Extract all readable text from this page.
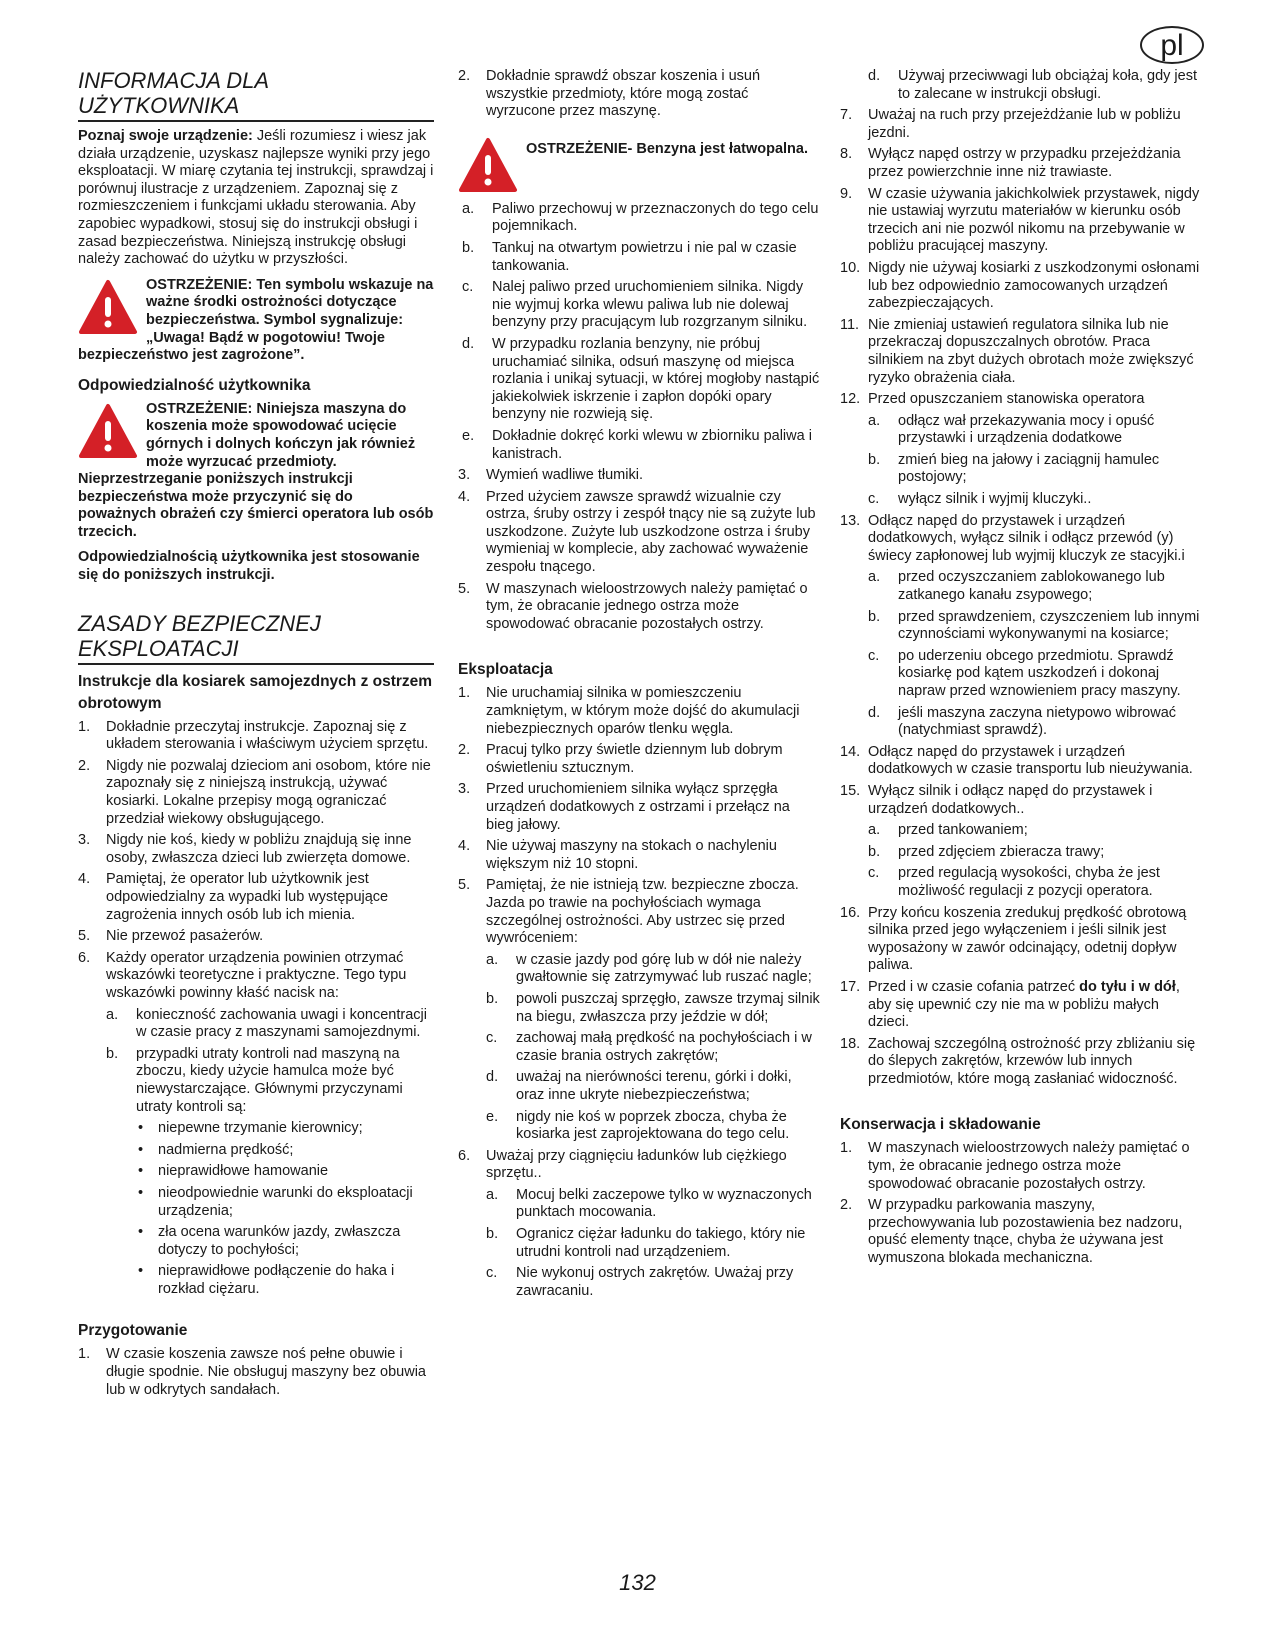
pl
INFORMACJA DLA
UŻYTKOWNIKA

Poznaj swoje urządzenie: Jeśli rozumiesz i wiesz jak działa urządzenie, uzyskasz najlepsze wyniki przy jego eksploatacji. W miarę czytania tej instrukcji, sprawdzaj i porównuj ilustracje z urządzeniem. Zapoznaj się z rozmieszczeniem i funkcjami układu sterowania. Aby zapobiec wypadkowi, stosuj się do instrukcji obsługi i zasad bezpieczeństwa. Niniejszą instrukcję obsługi należy zachować do użytku w przyszłości.

OSTRZEŻENIE: Ten symbolu wskazuje na ważne środki ostrożności dotyczące bezpieczeństwa. Symbol sygnalizuje: „Uwaga! Bądź w pogotowiu! Twoje bezpieczeństwo jest zagrożone”.

Odpowiedzialność użytkownika

OSTRZEŻENIE: Niniejsza maszyna do koszenia może spowodować ucięcie górnych i dolnych kończyn jak również może wyrzucać przedmioty. Nieprzestrzeganie poniższych instrukcji bezpieczeństwa może przyczynić się do poważnych obrażeń czy śmierci operatora lub osób trzecich.

Odpowiedzialnością użytkownika jest stosowanie się do poniższych instrukcji.

ZASADY BEZPIECZNEJ
EKSPLOATACJI
Instrukcje dla kosiarek samojezdnych z ostrzem obrotowym
1.	Dokładnie przeczytaj instrukcje. Zapoznaj się z układem sterowania i właściwym użyciem sprzętu.
2.	Nigdy nie pozwalaj dzieciom ani osobom, które nie zapoznały się z niniejszą instrukcją, używać kosiarki. Lokalne przepisy mogą ograniczać przedział wiekowy obsługującego.
3.	Nigdy nie koś, kiedy w pobliżu znajdują się inne osoby, zwłaszcza dzieci lub zwierzęta domowe.
4.	Pamiętaj, że operator lub użytkownik jest odpowiedzialny za wypadki lub występujące zagrożenia innych osób lub ich mienia.
5.	Nie przewoź pasażerów.
6.	Każdy operator urządzenia powinien otrzymać wskazówki teoretyczne i praktyczne. Tego typu wskazówki powinny kłaść nacisk na:
a.	konieczność zachowania uwagi i koncentracji w czasie pracy z maszynami samojezdnymi.
b.	przypadki utraty kontroli nad maszyną na zboczu, kiedy użycie hamulca może być niewystarczające. Głównymi przyczynami utraty kontroli są:
• niepewne trzymanie kierownicy;
• nadmierna prędkość;
• nieprawidłowe hamowanie
• nieodpowiednie warunki do eksploatacji urządzenia;
• zła ocena warunków jazdy, zwłaszcza dotyczy to pochyłości;
• nieprawidłowe podłączenie do haka i rozkład ciężaru.
Przygotowanie
1.	W czasie koszenia zawsze noś pełne obuwie i długie spodnie. Nie obsługuj maszyny bez obuwia lub w odkrytych sandałach.
2.	Dokładnie sprawdź obszar koszenia i usuń wszystkie przedmioty, które mogą zostać wyrzucone przez maszynę.

OSTRZEŻENIE- Benzyna jest łatwopalna.

a.	Paliwo przechowuj w przeznaczonych do tego celu pojemnikach.
b.	Tankuj na otwartym powietrzu i nie pal w czasie tankowania.
c.	Nalej paliwo przed uruchomieniem silnika. Nigdy nie wyjmuj korka wlewu paliwa lub nie dolewaj benzyny przy pracującym lub rozgrzanym silniku.
d.	W przypadku rozlania benzyny, nie próbuj uruchamiać silnika, odsuń maszynę od miejsca rozlania i unikaj sytuacji, w której mogłoby nastąpić jakiekolwiek iskrzenie i zapłon dopóki opary benzyny nie rozwieją się.
e.	Dokładnie dokręć korki wlewu w zbiorniku paliwa i kanistrach.
3.	Wymień wadliwe tłumiki.
4.	Przed użyciem zawsze sprawdź wizualnie czy ostrza, śruby ostrzy i zespół tnący nie są zużyte lub uszkodzone. Zużyte lub uszkodzone ostrza i śruby wymieniaj w komplecie, aby zachować wyważenie zespołu tnącego.
5.	W maszynach wieloostrzowych należy pamiętać o tym, że obracanie jednego ostrza może spowodować obracanie pozostałych ostrzy.
Eksploatacja
1.	Nie uruchamiaj silnika w pomieszczeniu zamkniętym, w którym może dojść do akumulacji niebezpiecznych oparów tlenku węgla.
2.	Pracuj tylko przy świetle dziennym lub dobrym oświetleniu sztucznym.
3.	Przed uruchomieniem silnika wyłącz sprzęgła urządzeń dodatkowych z ostrzami i przełącz na bieg jałowy.
4.	Nie używaj maszyny na stokach o nachyleniu większym niż 10 stopni.
5.	Pamiętaj, że nie istnieją tzw. bezpieczne zbocza. Jazda po trawie na pochyłościach wymaga szczególnej ostrożności. Aby ustrzec się przed wywróceniem:
a.	w czasie jazdy pod górę lub w dół nie należy gwałtownie się zatrzymywać lub ruszać nagle;
b.	powoli puszczaj sprzęgło, zawsze trzymaj silnik na biegu, zwłaszcza przy jeździe w dół;
c.	zachowaj małą prędkość na pochyłościach i w czasie brania ostrych zakrętów;
d.	uważaj na nierówności terenu, górki i dołki, oraz inne ukryte niebezpieczeństwa;
e.	nigdy nie koś w poprzek zbocza, chyba że kosiarka jest zaprojektowana do tego celu.
6.	Uważaj przy ciągnięciu ładunków lub ciężkiego sprzętu..
a.	Mocuj belki zaczepowe tylko w wyznaczonych punktach mocowania.
b.	Ogranicz ciężar ładunku do takiego, który nie utrudni kontroli nad urządzeniem.
c.	Nie wykonuj ostrych zakrętów. Uważaj przy zawracaniu.
d.	Używaj przeciwwagi lub obciążaj koła, gdy jest to zalecane w instrukcji obsługi.
7.	Uważaj na ruch przy przejeżdżanie lub w pobliżu jezdni.
8.	Wyłącz napęd ostrzy w przypadku przejeżdżania przez powierzchnie inne niż trawiaste.
9.	W czasie używania jakichkolwiek przystawek, nigdy nie ustawiaj wyrzutu materiałów w kierunku osób trzecich ani nie pozwól nikomu na przebywanie w pobliżu pracującej maszyny.
10. Nigdy nie używaj kosiarki z uszkodzonymi osłonami lub bez odpowiednio zamocowanych urządzeń zabezpieczających.
11. Nie zmieniaj ustawień regulatora silnika lub nie przekraczaj dopuszczalnych obrotów. Praca silnikiem na zbyt dużych obrotach może zwiększyć ryzyko obrażenia ciała.
12. Przed opuszczaniem stanowiska operatora
a.	odłącz wał przekazywania mocy i opuść przystawki i urządzenia dodatkowe
b.	zmień bieg na jałowy i zaciągnij hamulec postojowy;
c.	wyłącz silnik i wyjmij kluczyki..
13. Odłącz napęd do przystawek i urządzeń dodatkowych, wyłącz silnik i odłącz przewód (y) świecy zapłonowej lub wyjmij kluczyk ze stacyjki.i
a.	przed oczyszczaniem zablokowanego lub zatkanego kanału zsypowego;
b.	przed sprawdzeniem, czyszczeniem lub innymi czynnościami wykonywanymi na kosiarce;
c.	po uderzeniu obcego przedmiotu. Sprawdź kosiarkę pod kątem uszkodzeń i dokonaj napraw przed wznowieniem pracy maszyny.
d.	jeśli maszyna zaczyna nietypowo wibrować (natychmiast sprawdź).
14. Odłącz napęd do przystawek i urządzeń dodatkowych w czasie transportu lub nieużywania.
15. Wyłącz silnik i odłącz napęd do przystawek i urządzeń dodatkowych..
a.	przed tankowaniem;
b.	przed zdjęciem zbieracza trawy;
c.	przed regulacją wysokości, chyba że jest możliwość regulacji z pozycji operatora.
16. Przy końcu koszenia zredukuj prędkość obrotową silnika przed jego wyłączeniem i jeśli silnik jest wyposażony w zawór odcinający, odetnij dopływ paliwa.
17. Przed i w czasie cofania patrzeć do tyłu i w dół, aby się upewnić czy nie ma w pobliżu małych dzieci.
18. Zachowaj szczególną ostrożność przy zbliżaniu się do ślepych zakrętów, krzewów lub innych przedmiotów, które mogą zasłaniać widoczność.
Konserwacja i składowanie
1.	W maszynach wieloostrzowych należy pamiętać o tym, że obracanie jednego ostrza może spowodować obracanie pozostałych ostrzy.
2.	W przypadku parkowania maszyny, przechowywania lub pozostawienia bez nadzoru, opuść elementy tnące, chyba że używana jest wymuszona blokada mechaniczna.
132
